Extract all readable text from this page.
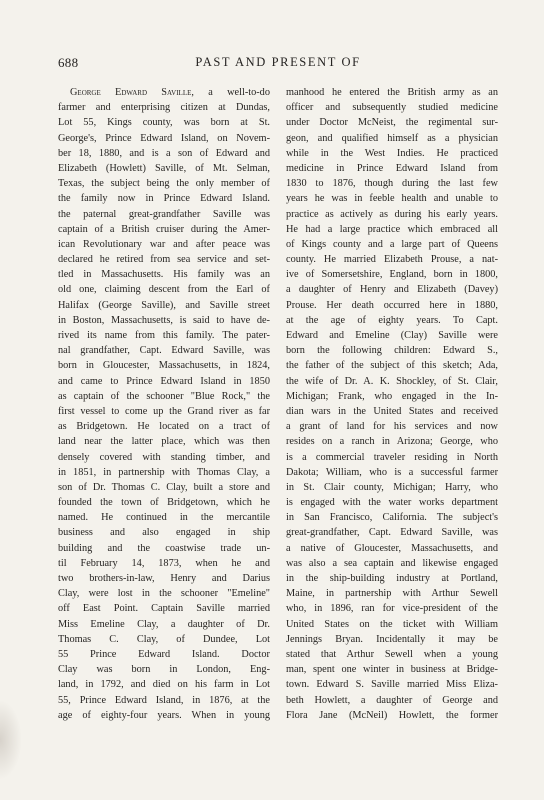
688	PAST AND PRESENT OF
George Edward Saville, a well-to-do
farmer and enterprising citizen at Dundas,
Lot 55, Kings county, was born at St.
George's, Prince Edward Island, on Novem-
ber 18, 1880, and is a son of Edward and
Elizabeth (Howlett) Saville, of Mt. Selman,
Texas, the subject being the only member of
the family now in Prince Edward Island.
the paternal great-grandfather Saville was
captain of a British cruiser during the Amer-
ican Revolutionary war and after peace was
declared he retired from sea service and set-
tled in Massachusetts. His family was an
old one, claiming descent from the Earl of
Halifax (George Saville), and Saville street
in Boston, Massachusetts, is said to have de-
rived its name from this family. The pater-
nal grandfather, Capt. Edward Saville, was
born in Gloucester, Massachusetts, in 1824,
and came to Prince Edward Island in 1850
as captain of the schooner "Blue Rock," the
first vessel to come up the Grand river as far
as Bridgetown. He located on a tract of
land near the latter place, which was then
densely covered with standing timber, and
in 1851, in partnership with Thomas Clay, a
son of Dr. Thomas C. Clay, built a store and
founded the town of Bridgetown, which he
named. He continued in the mercantile
business and also engaged in ship
building and the coastwise trade un-
til February 14, 1873, when he and
two brothers-in-law, Henry and Darius
Clay, were lost in the schooner "Emeline"
off East Point. Captain Saville married
Miss Emeline Clay, a daughter of Dr.
Thomas C. Clay, of Dundee, Lot
55 Prince Edward Island. Doctor
Clay was born in London, Eng-
land, in 1792, and died on his farm in Lot
55, Prince Edward Island, in 1876, at the
age of eighty-four years. When in young
manhood he entered the British army as an
officer and subsequently studied medicine
under Doctor McNeist, the regimental sur-
geon, and qualified himself as a physician
while in the West Indies. He practiced
medicine in Prince Edward Island from
1830 to 1876, though during the last few
years he was in feeble health and unable to
practice as actively as during his early years.
He had a large practice which embraced all
of Kings county and a large part of Queens
county. He married Elizabeth Prouse, a nat-
ive of Somersetshire, England, born in 1800,
a daughter of Henry and Elizabeth (Davey)
Prouse. Her death occurred here in 1880,
at the age of eighty years. To Capt.
Edward and Emeline (Clay) Saville were
born the following children: Edward S.,
the father of the subject of this sketch; Ada,
the wife of Dr. A. K. Shockley, of St. Clair,
Michigan; Frank, who engaged in the In-
dian wars in the United States and received
a grant of land for his services and now
resides on a ranch in Arizona; George, who
is a commercial traveler residing in North
Dakota; William, who is a successful farmer
in St. Clair county, Michigan; Harry, who
is engaged with the water works department
in San Francisco, California. The subject's
great-grandfather, Capt. Edward Saville, was
a native of Gloucester, Massachusetts, and
was also a sea captain and likewise engaged
in the ship-building industry at Portland,
Maine, in partnership with Arthur Sewell
who, in 1896, ran for vice-president of the
United States on the ticket with William
Jennings Bryan. Incidentally it may be
stated that Arthur Sewell when a young
man, spent one winter in business at Bridge-
town. Edward S. Saville married Miss Eliza-
beth Howlett, a daughter of George and
Flora Jane (McNeil) Howlett, the former
